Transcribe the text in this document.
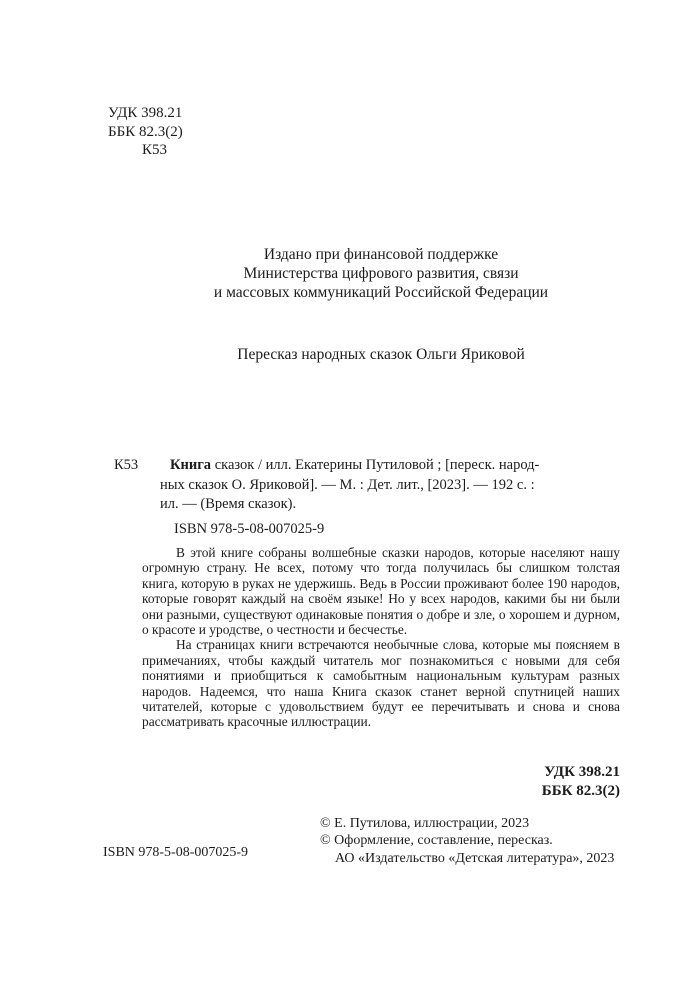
УДК 398.21
ББК 82.3(2)
К53
Издано при финансовой поддержке
Министерства цифрового развития, связи
и массовых коммуникаций Российской Федерации
Пересказ народных сказок Ольги Яриковой
К53	Книга сказок / илл. Екатерины Путиловой ; [переск. народ-
ных сказок О. Яриковой]. — М. : Дет. лит., [2023]. — 192 с. :
ил. — (Время сказок).
ISBN 978-5-08-007025-9

В этой книге собраны волшебные сказки народов, которые населяют нашу огромную страну. Не всех, потому что тогда получилась бы слишком толстая книга, которую в руках не удержишь. Ведь в России проживают более 190 народов, которые говорят каждый на своём языке! Но у всех народов, какими бы ни были они разными, существуют одинаковые понятия о добре и зле, о хорошем и дурном, о красоте и уродстве, о честности и бесчестье.

На страницах книги встречаются необычные слова, которые мы поясняем в примечаниях, чтобы каждый читатель мог познакомиться с новыми для себя понятиями и приобщиться к самобытным национальным культурам разных народов. Надеемся, что наша Книга сказок станет верной спутницей наших читателей, которые с удовольствием будут ее перечитывать и снова и снова рассматривать красочные иллюстрации.

УДК 398.21
ББК 82.3(2)
© Е. Путилова, иллюстрации, 2023
© Оформление, составление, пересказ.
АО «Издательство «Детская литература», 2023
ISBN 978-5-08-007025-9
